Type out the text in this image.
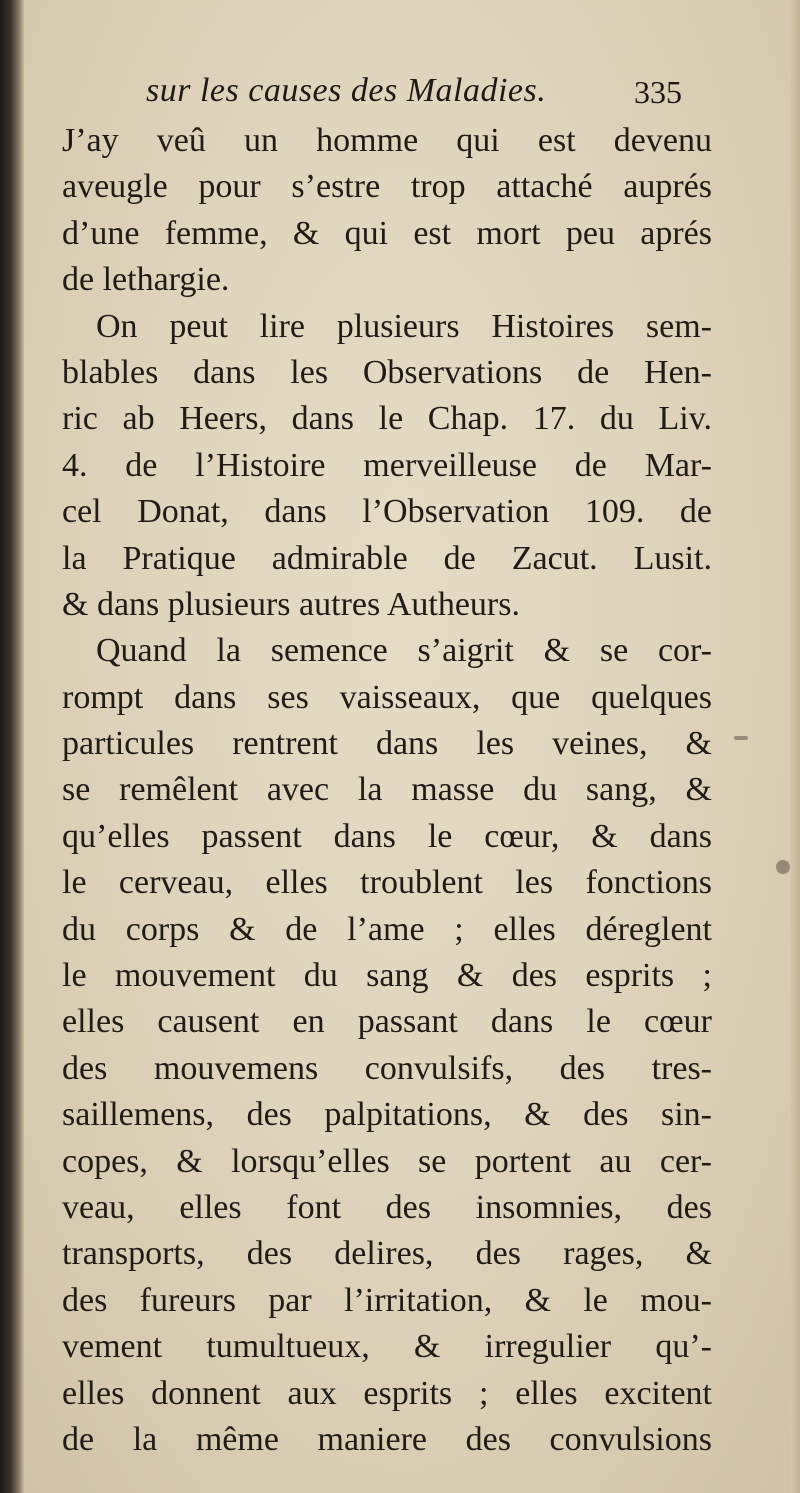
sur les causes des Maladies.	335
J’ay veû un homme qui est devenu
aveugle pour s’estre trop attaché auprés
d’une femme, & qui est mort peu aprés
de lethargie.
On peut lire plusieurs Histoires sem-
blables dans les Observations de Hen-
ric ab Heers, dans le Chap. 17. du Liv.
4. de l’Histoire merveilleuse de Mar-
cel Donat, dans l’Observation 109. de
la Pratique admirable de Zacut. Lusit.
& dans plusieurs autres Autheurs.
Quand la semence s’aigrit & se cor-
rompt dans ses vaisseaux, que quelques
particules rentrent dans les veines, &
se remêlent avec la masse du sang, &
qu’elles passent dans le cœur, & dans
le cerveau, elles troublent les fonctions
du corps & de l’ame ; elles déreglent
le mouvement du sang & des esprits ;
elles causent en passant dans le cœur
des mouvemens convulsifs, des tres-
saillemens, des palpitations, & des sin-
copes, & lorsqu’elles se portent au cer-
veau, elles font des insomnies, des
transports, des delires, des rages, &
des fureurs par l’irritation, & le mou-
vement tumultueux, & irregulier qu’-
elles donnent aux esprits ; elles excitent
de la même maniere des convulsions
